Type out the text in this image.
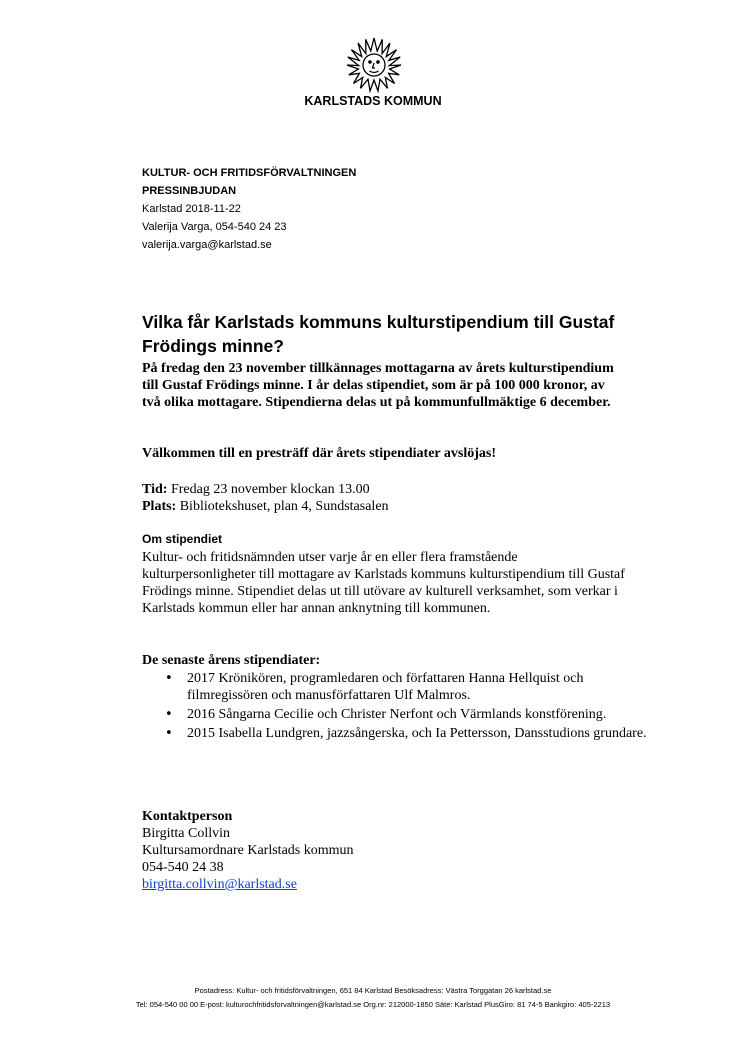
KARLSTADS KOMMUN
KULTUR- OCH FRITIDSFÖRVALTNINGEN
PRESSINBJUDAN
Karlstad 2018-11-22
Valerija Varga, 054-540 24 23
valerija.varga@karlstad.se
Vilka får Karlstads kommuns kulturstipendium till Gustaf Frödings minne?

På fredag den 23 november tillkännages mottagarna av årets kulturstipendium till Gustaf Frödings minne. I år delas stipendiet, som är på 100 000 kronor, av två olika mottagare. Stipendierna delas ut på kommunfullmäktige 6 december.

Välkommen till en presträff där årets stipendiater avslöjas!

Tid: Fredag 23 november klockan 13.00
Plats: Bibliotekshuset, plan 4, Sundstasalen
Om stipendiet

Kultur- och fritidsnämnden utser varje år en eller flera framstående kulturpersonligheter till mottagare av Karlstads kommuns kulturstipendium till Gustaf Frödings minne. Stipendiet delas ut till utövare av kulturell verksamhet, som verkar i Karlstads kommun eller har annan anknytning till kommunen.

De senaste årens stipendiater:
• 2017 Krönikören, programledaren och författaren Hanna Hellquist och filmregissören och manusförfattaren Ulf Malmros.
• 2016 Sångarna Cecilie och Christer Nerfont och Värmlands konstförening.
• 2015 Isabella Lundgren, jazzsångerska, och Ia Pettersson, Dansstudions grundare.
Kontaktperson
Birgitta Collvin
Kultursamordnare Karlstads kommun
054-540 24 38
birgitta.collvin@karlstad.se
Postadress: Kultur- och fritidsförvaltningen, 651 84 Karlstad Besöksadress: Västra Torggatan 26 karlstad.se
Tel: 054-540 00 00 E-post: kulturochfritidsforvaltningen@karlstad.se Org.nr: 212000-1850 Säte: Karlstad PlusGiro: 81 74-5 Bankgiro: 405-2213
